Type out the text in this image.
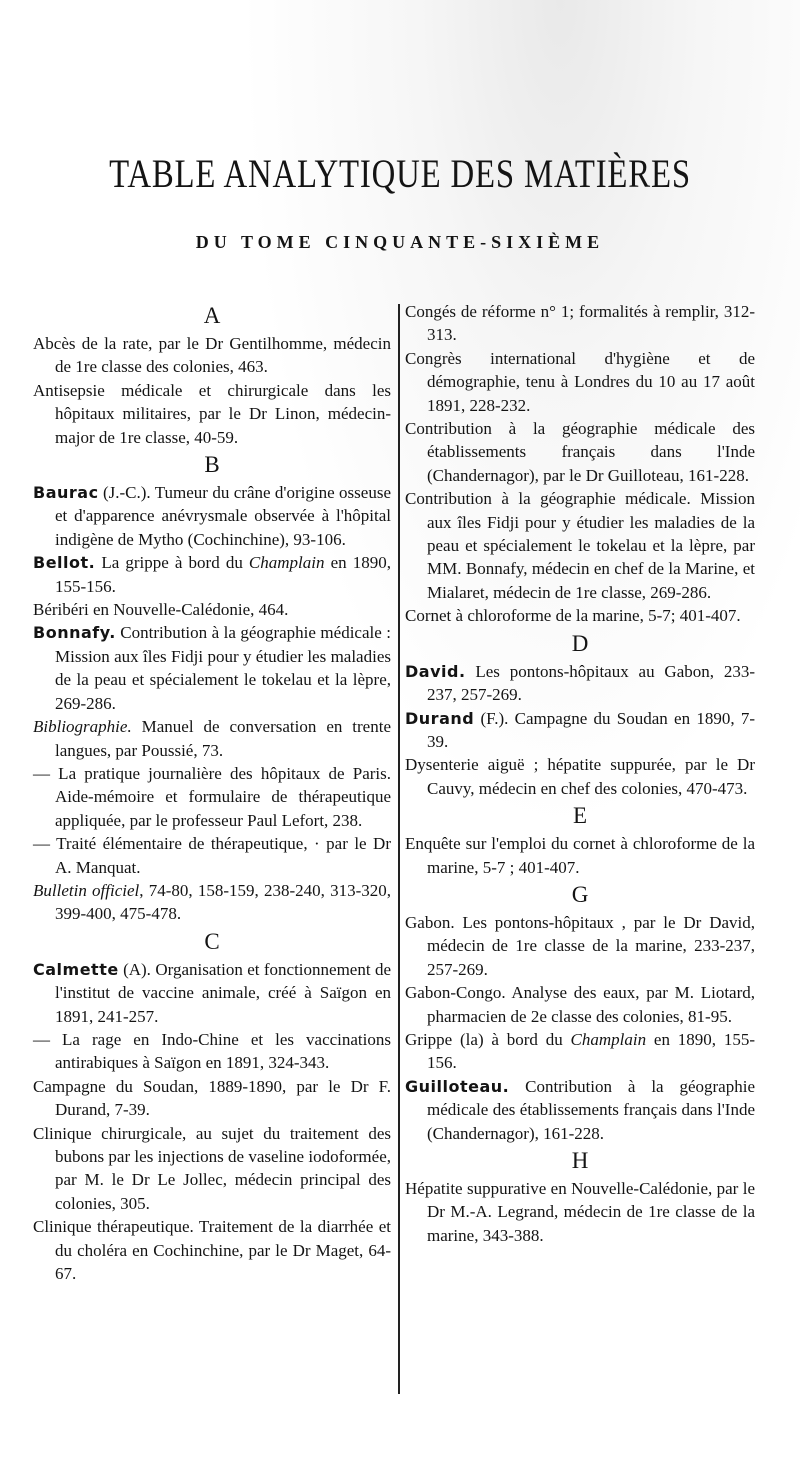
TABLE ANALYTIQUE DES MATIÈRES
DU TOME CINQUANTE-SIXIÈME
A

Abcès de la rate, par le Dr Gentilhomme, médecin de 1re classe des colonies, 463.

Antisepsie médicale et chirurgicale dans les hôpitaux militaires, par le Dr Linon, médecin-major de 1re classe, 40-59.

B

Baurac (J.-C.). Tumeur du crâne d'origine osseuse et d'apparence anévrysmale observée à l'hôpital indigène de Mytho (Cochinchine), 93-106.

Bellot. La grippe à bord du Champlain en 1890, 155-156.

Béribéri en Nouvelle-Calédonie, 464.

Bonnafy. Contribution à la géographie médicale : Mission aux îles Fidji pour y étudier les maladies de la peau et spécialement le tokelau et la lèpre, 269-286.

Bibliographie. Manuel de conversation en trente langues, par Poussié, 73.

— La pratique journalière des hôpitaux de Paris. Aide-mémoire et formulaire de thérapeutique appliquée, par le professeur Paul Lefort, 238.

— Traité élémentaire de thérapeutique, · par le Dr A. Manquat.

Bulletin officiel, 74-80, 158-159, 238-240, 313-320, 399-400, 475-478.

C

Calmette (A). Organisation et fonctionnement de l'institut de vaccine animale, créé à Saïgon en 1891, 241-257.

— La rage en Indo-Chine et les vaccinations antirabiques à Saïgon en 1891, 324-343.

Campagne du Soudan, 1889-1890, par le Dr F. Durand, 7-39.

Clinique chirurgicale, au sujet du traitement des bubons par les injections de vaseline iodoformée, par M. le Dr Le Jollec, médecin principal des colonies, 305.

Clinique thérapeutique. Traitement de la diarrhée et du choléra en Cochinchine, par le Dr Maget, 64-67.

Congés de réforme n° 1; formalités à remplir, 312-313.

Congrès international d'hygiène et de démographie, tenu à Londres du 10 au 17 août 1891, 228-232.

Contribution à la géographie médicale des établissements français dans l'Inde (Chandernagor), par le Dr Guilloteau, 161-228.

Contribution à la géographie médicale. Mission aux îles Fidji pour y étudier les maladies de la peau et spécialement le tokelau et la lèpre, par MM. Bonnafy, médecin en chef de la Marine, et Mialaret, médecin de 1re classe, 269-286.

Cornet à chloroforme de la marine, 5-7; 401-407.

D

David. Les pontons-hôpitaux au Gabon, 233-237, 257-269.

Durand (F.). Campagne du Soudan en 1890, 7-39.

Dysenterie aiguë ; hépatite suppurée, par le Dr Cauvy, médecin en chef des colonies, 470-473.

E

Enquête sur l'emploi du cornet à chloroforme de la marine, 5-7 ; 401-407.

G

Gabon. Les pontons-hôpitaux , par le Dr David, médecin de 1re classe de la marine, 233-237, 257-269.

Gabon-Congo. Analyse des eaux, par M. Liotard, pharmacien de 2e classe des colonies, 81-95.

Grippe (la) à bord du Champlain en 1890, 155-156.

Guilloteau. Contribution à la géographie médicale des établissements français dans l'Inde (Chandernagor), 161-228.

H

Hépatite suppurative en Nouvelle-Calédonie, par le Dr M.-A. Legrand, médecin de 1re classe de la marine, 343-388.
